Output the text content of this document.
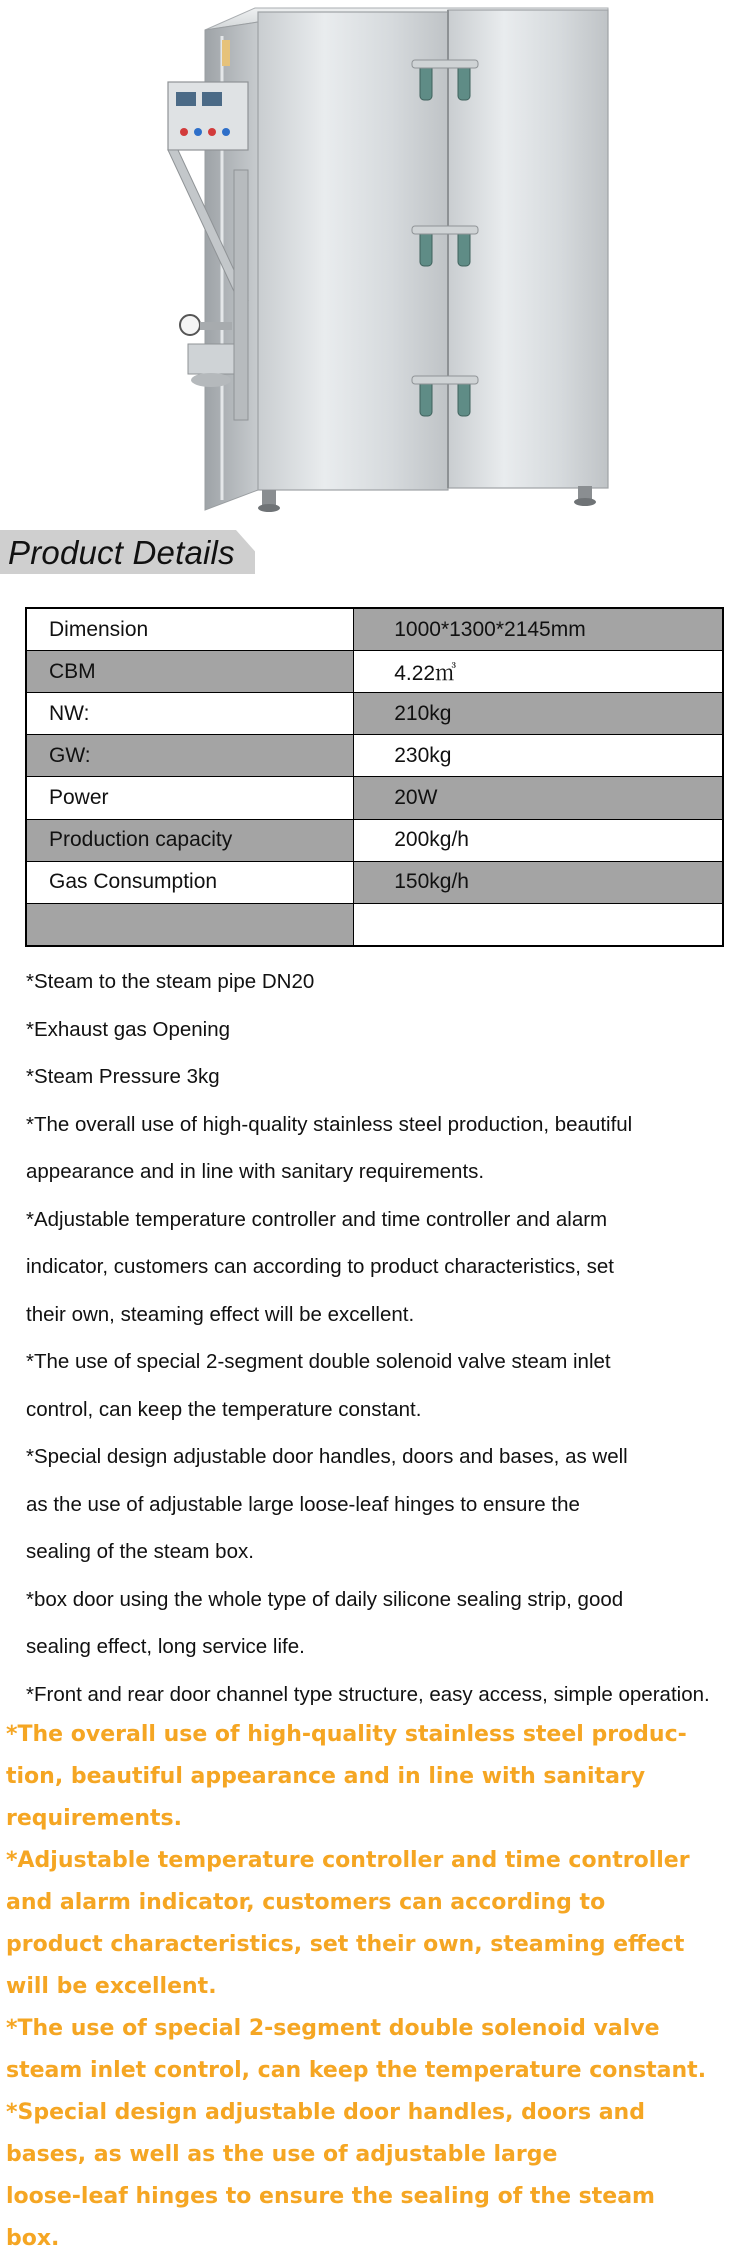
Product Details
Dimension	1000*1300*2145mm
CBM	4.22㎥
NW:	210kg
GW:	230kg
Power	20W
Production capacity	200kg/h
Gas Consumption	150kg/h

*Steam to the steam pipe DN20

*Exhaust gas Opening

*Steam Pressure 3kg

*The overall use of high-quality stainless steel production, beautiful

appearance and in line with sanitary requirements.

*Adjustable temperature controller and time controller and alarm

indicator, customers can according to product characteristics, set

their own, steaming effect will be excellent.

*The use of special 2-segment double solenoid valve steam inlet

control, can keep the temperature constant.

*Special design adjustable door handles, doors and bases, as well

as the use of adjustable large loose-leaf hinges to ensure the

sealing of the steam box.

*box door using the whole type of daily silicone sealing strip, good

sealing effect, long service life.

*Front and rear door channel type structure, easy access, simple operation.

*The overall use of high-quality stainless steel produc-

tion, beautiful appearance and in line with sanitary

requirements.

*Adjustable temperature controller and time controller

and alarm indicator, customers can according to

product characteristics, set their own, steaming effect

will be excellent.

*The use of special 2-segment double solenoid valve

steam inlet control, can keep the temperature constant.

*Special design adjustable door handles, doors and

bases, as well as the use of adjustable large

loose-leaf hinges to ensure the sealing of the steam

box.
